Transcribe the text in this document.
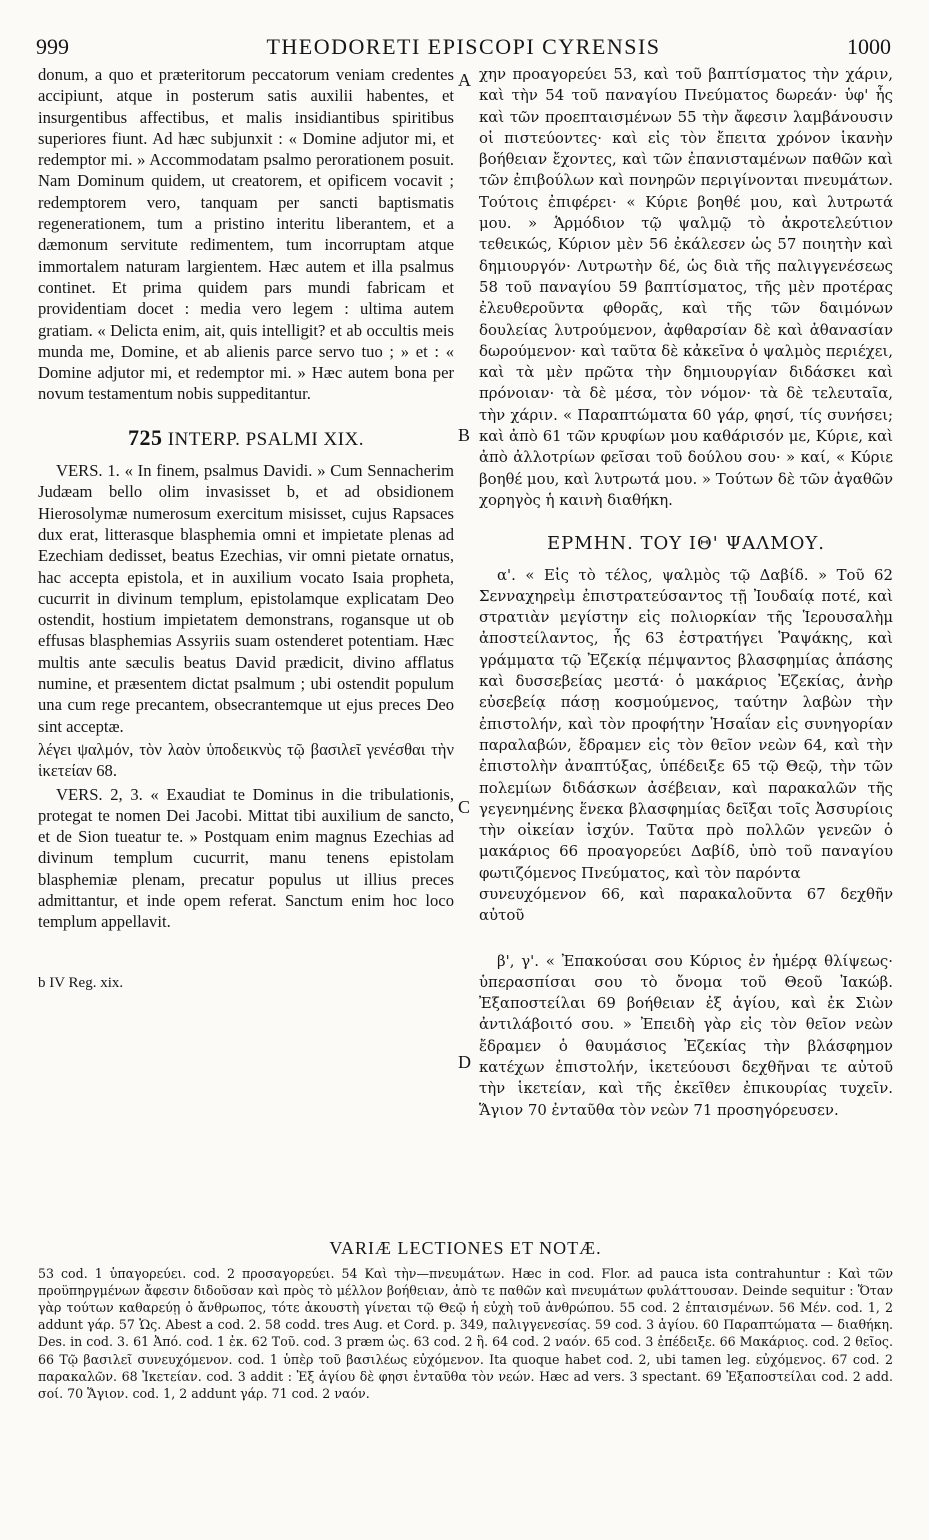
999	THEODORETI EPISCOPI CYRENSIS	1000
A
B
C
D

donum, a quo et præteritorum peccatorum veniam credentes accipiunt, atque in posterum satis auxilii habentes, et insurgentibus affectibus, et malis insidiantibus spiritibus superiores fiunt. Ad hæc subjunxit : « Domine adjutor mi, et redemptor mi. » Accommodatam psalmo perorationem posuit. Nam Dominum quidem, ut creatorem, et opificem vocavit ; redemptorem vero, tanquam per sancti baptismatis regenerationem, tum a pristino interitu liberantem, et a dæmonum servitute redimentem, tum incorruptam atque immortalem naturam largientem. Hæc autem et illa psalmus continet. Et prima quidem pars mundi fabricam et providentiam docet : media vero legem : ultima autem gratiam. « Delicta enim, ait, quis intelligit? et ab occultis meis munda me, Domine, et ab alienis parce servo tuo ; » et : « Domine adjutor mi, et redemptor mi. » Hæc autem bona per novum testamentum nobis suppeditantur.

725 INTERP. PSALMI XIX.

VERS. 1. « In finem, psalmus Davidi. » Cum Sennacherim Judæam bello olim invasisset b, et ad obsidionem Hierosolymæ numerosum exercitum misisset, cujus Rapsaces dux erat, litterasque blasphemia omni et impietate plenas ad Ezechiam dedisset, beatus Ezechias, vir omni pietate ornatus, hac accepta epistola, et in auxilium vocato Isaia propheta, cucurrit in divinum templum, epistolamque explicatam Deo ostendit, hostium impietatem demonstrans, rogansque ut ob effusas blasphemias Assyriis suam ostenderet potentiam. Hæc multis ante sæculis beatus David prædicit, divino afflatus numine, et præsentem dictat psalmum ; ubi ostendit populum una cum rege precantem, obsecrantemque ut ejus preces Deo sint acceptæ.

λέγει ψαλμόν, τὸν λαὸν ὑποδεικνὺς τῷ βασιλεῖ γενέσθαι τὴν ἱκετείαν 68.

VERS. 2, 3. « Exaudiat te Dominus in die tribulationis, protegat te nomen Dei Jacobi. Mittat tibi auxilium de sancto, et de Sion tueatur te. » Postquam enim magnus Ezechias ad divinum templum cucurrit, manu tenens epistolam blasphemiæ plenam, precatur populus ut illius preces admittantur, et inde opem referat. Sanctum enim hoc loco templum appellavit.

b IV Reg. xix.

χην προαγορεύει 53, καὶ τοῦ βαπτίσματος τὴν χάριν, καὶ τὴν 54 τοῦ παναγίου Πνεύματος δωρεάν· ὑφ' ἧς καὶ τῶν προεπταισμένων 55 τὴν ἄφεσιν λαμβάνουσιν οἱ πιστεύοντες· καὶ εἰς τὸν ἔπειτα χρόνον ἱκανὴν βοήθειαν ἔχοντες, καὶ τῶν ἐπανισταμένων παθῶν καὶ τῶν ἐπιβούλων καὶ πονηρῶν περιγίνονται πνευμάτων. Τούτοις ἐπιφέρει· « Κύριε βοηθέ μου, καὶ λυτρωτά μου. » Ἁρμόδιον τῷ ψαλμῷ τὸ ἀκροτελεύτιον τεθεικώς, Κύριον μὲν 56 ἐκάλεσεν ὡς 57 ποιητὴν καὶ δημιουργόν· Λυτρωτὴν δέ, ὡς διὰ τῆς παλιγγενέσεως 58 τοῦ παναγίου 59 βαπτίσματος, τῆς μὲν προτέρας ἐλευθεροῦντα φθορᾶς, καὶ τῆς τῶν δαιμόνων δουλείας λυτρούμενον, ἀφθαρσίαν δὲ καὶ ἀθανασίαν δωρούμενον· καὶ ταῦτα δὲ κἀκεῖνα ὁ ψαλμὸς περιέχει, καὶ τὰ μὲν πρῶτα τὴν δημιουργίαν διδάσκει καὶ πρόνοιαν· τὰ δὲ μέσα, τὸν νόμον· τὰ δὲ τελευταῖα, τὴν χάριν. « Παραπτώματα 60 γάρ, φησί, τίς συνήσει; καὶ ἀπὸ 61 τῶν κρυφίων μου καθάρισόν με, Κύριε, καὶ ἀπὸ ἀλλοτρίων φεῖσαι τοῦ δούλου σου· » καί, « Κύριε βοηθέ μου, καὶ λυτρωτά μου. » Τούτων δὲ τῶν ἀγαθῶν χορηγὸς ἡ καινὴ διαθήκη.

ΕΡΜΗΝ. ΤΟΥ ΙΘ' ΨΑΛΜΟΥ.

α'. « Εἰς τὸ τέλος, ψαλμὸς τῷ Δαβίδ. » Τοῦ 62 Σενναχηρεὶμ ἐπιστρατεύσαντος τῇ Ἰουδαίᾳ ποτέ, καὶ στρατιὰν μεγίστην εἰς πολιορκίαν τῆς Ἱερουσαλὴμ ἀποστείλαντος, ἧς 63 ἐστρατήγει Ῥαψάκης, καὶ γράμματα τῷ Ἐζεκίᾳ πέμψαντος βλασφημίας ἁπάσης καὶ δυσσεβείας μεστά· ὁ μακάριος Ἐζεκίας, ἀνὴρ εὐσεβείᾳ πάσῃ κοσμούμενος, ταύτην λαβὼν τὴν ἐπιστολήν, καὶ τὸν προφήτην Ἡσαΐαν εἰς συνηγορίαν παραλαβών, ἔδραμεν εἰς τὸν θεῖον νεὼν 64, καὶ τὴν ἐπιστολὴν ἀναπτύξας, ὑπέδειξε 65 τῷ Θεῷ, τὴν τῶν πολεμίων διδάσκων ἀσέβειαν, καὶ παρακαλῶν τῆς γεγενημένης ἕνεκα βλασφημίας δεῖξαι τοῖς Ἀσσυρίοις τὴν οἰκείαν ἰσχύν. Ταῦτα πρὸ πολλῶν γενεῶν ὁ μακάριος 66 προαγορεύει Δαβίδ, ὑπὸ τοῦ παναγίου φωτιζόμενος Πνεύματος, καὶ τὸν παρόντα

συνευχόμενον 66, καὶ παρακαλοῦντα 67 δεχθῆν αὐτοῦ

β', γ'. « Ἐπακούσαι σου Κύριος ἐν ἡμέρᾳ θλίψεως· ὑπερασπίσαι σου τὸ ὄνομα τοῦ Θεοῦ Ἰακώβ. Ἐξαποστείλαι 69 βοήθειαν ἐξ ἁγίου, καὶ ἐκ Σιὼν ἀντιλάβοιτό σου. » Ἐπειδὴ γὰρ εἰς τὸν θεῖον νεὼν ἔδραμεν ὁ θαυμάσιος Ἐζεκίας τὴν βλάσφημον κατέχων ἐπιστολήν, ἱκετεύουσι δεχθῆναι τε αὐτοῦ τὴν ἱκετείαν, καὶ τῆς ἐκεῖθεν ἐπικουρίας τυχεῖν. Ἅγιον 70 ἐνταῦθα τὸν νεὼν 71 προσηγόρευσεν.

VARIÆ LECTIONES ET NOTÆ.
53 cod. 1 ὑπαγορεύει. cod. 2 προσαγορεύει. 54 Καὶ τὴν—πνευμάτων. Hæc in cod. Flor. ad pauca ista contrahuntur : Καὶ τῶν προϋπηργμένων ἄφεσιν διδοῦσαν καὶ πρὸς τὸ μέλλον βοήθειαν, ἀπὸ τε παθῶν καὶ πνευμάτων φυλάττουσαν. Deinde sequitur : Ὅταν γὰρ τούτων καθαρεύῃ ὁ ἄνθρωπος, τότε ἀκουστὴ γίνεται τῷ Θεῷ ἡ εὐχὴ τοῦ ἀνθρώπου. 55 cod. 2 ἐπταισμένων. 56 Μέν. cod. 1, 2 addunt γάρ. 57 Ὡς. Abest a cod. 2. 58 codd. tres Aug. et Cord. p. 349, παλιγγενεσίας. 59 cod. 3 ἁγίου. 60 Παραπτώματα — διαθήκη. Des. in cod. 3. 61 Ἀπό. cod. 1 ἐκ. 62 Τοῦ. cod. 3 præm ὡς. 63 cod. 2 ἣ. 64 cod. 2 ναόν. 65 cod. 3 ἐπέδειξε. 66 Μακάριος. cod. 2 θεῖος. 66 Τῷ βασιλεῖ συνευχόμενον. cod. 1 ὑπὲρ τοῦ βασιλέως εὐχόμενον. Ita quoque habet cod. 2, ubi tamen leg. εὐχόμενος. 67 cod. 2 παρακαλῶν. 68 Ἱκετείαν. cod. 3 addit : Ἐξ ἁγίου δὲ φησι ἐνταῦθα τὸν νεών. Hæc ad vers. 3 spectant. 69 Ἐξαποστείλαι cod. 2 add. σοί. 70 Ἅγιον. cod. 1, 2 addunt γάρ. 71 cod. 2 ναόν.
